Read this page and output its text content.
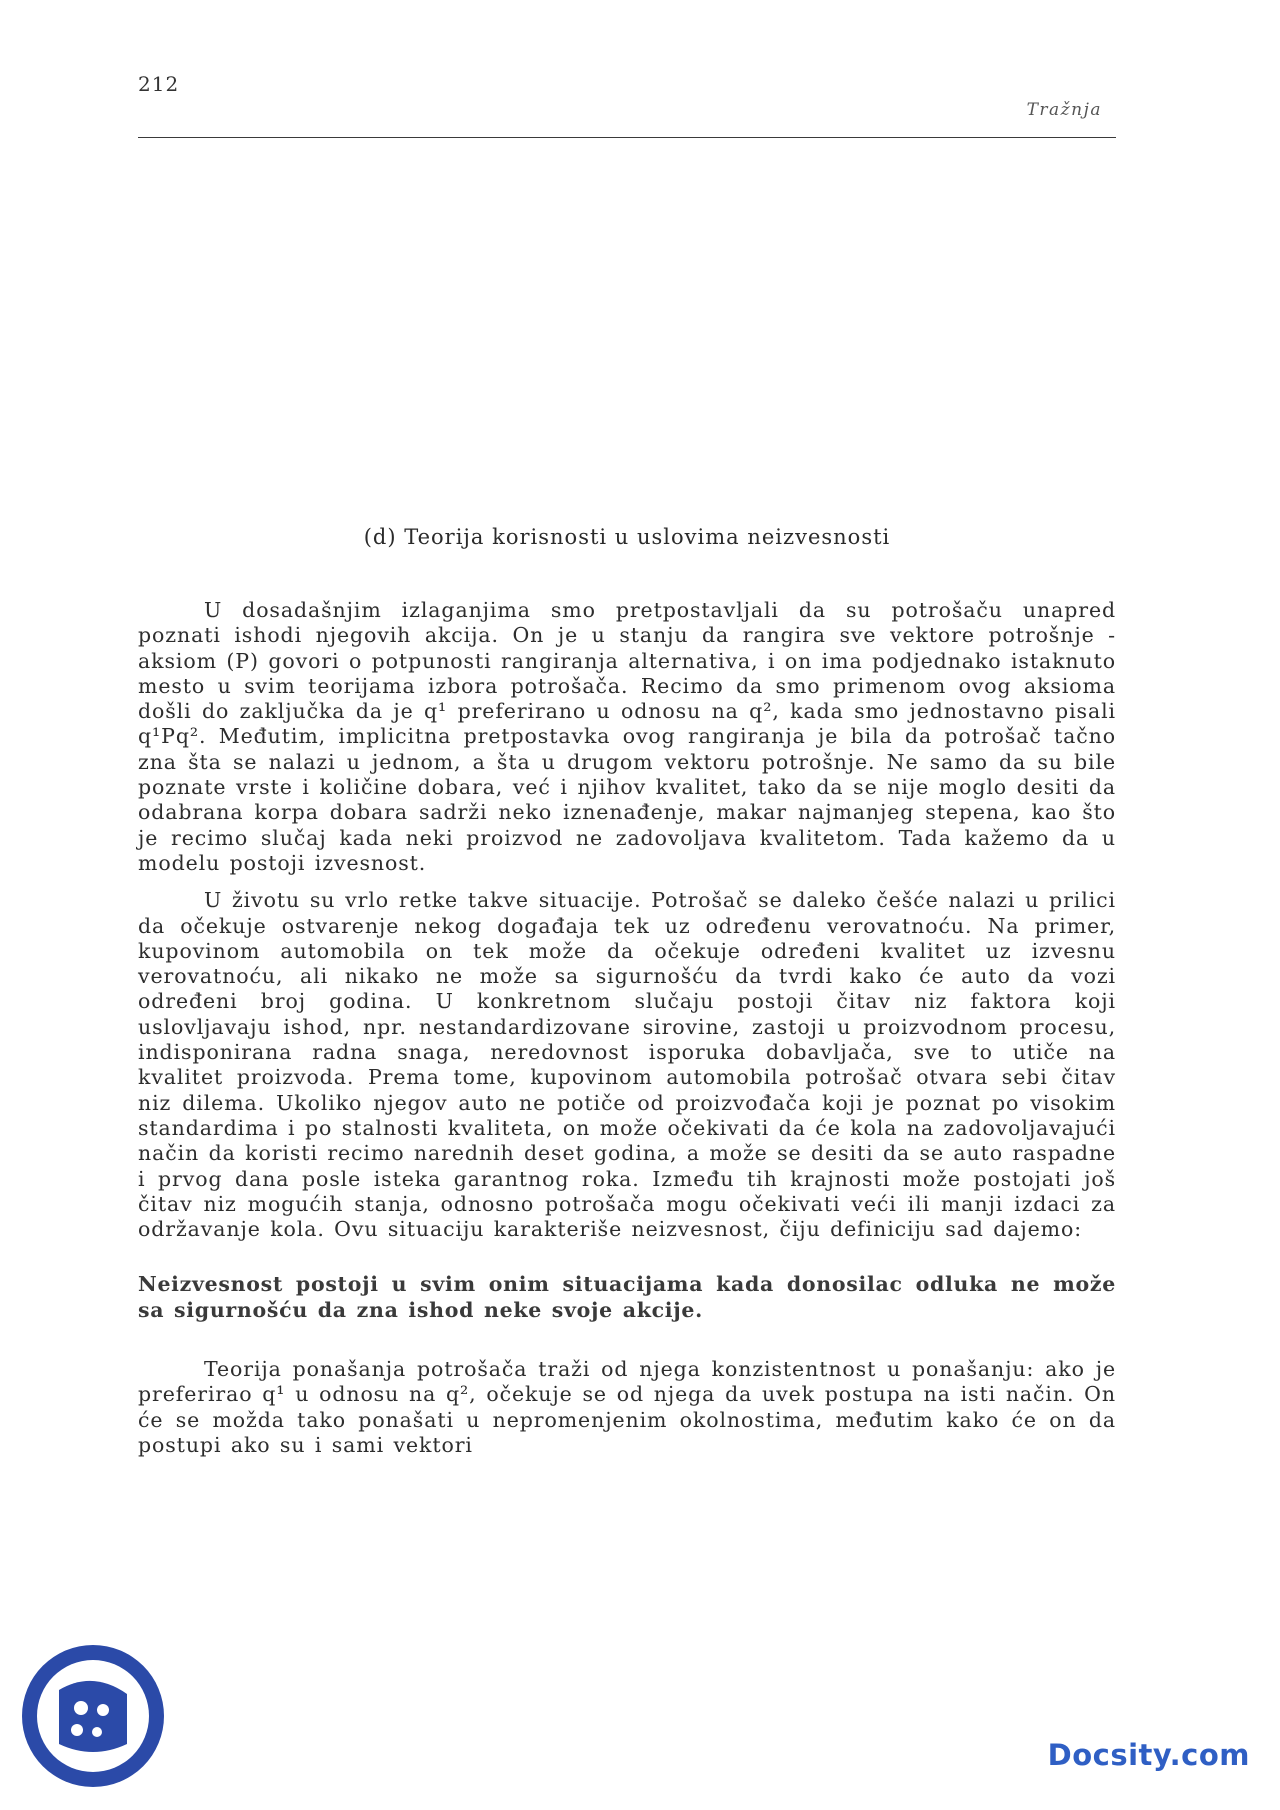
212
Tražnja
(d) Teorija korisnosti u uslovima neizvesnosti

U dosadašnjim izlaganjima smo pretpostavljali da su potrošaču unapred poznati ishodi njegovih akcija. On je u stanju da rangira sve vektore potrošnje - aksiom (P) govori o potpunosti rangiranja alternativa, i on ima podjednako istaknuto mesto u svim teorijama izbora potrošača. Recimo da smo primenom ovog aksioma došli do zaključka da je q¹ preferirano u odnosu na q², kada smo jednostavno pisali q¹Pq². Međutim, implicitna pretpostavka ovog rangiranja je bila da potrošač tačno zna šta se nalazi u jednom, a šta u drugom vektoru potrošnje. Ne samo da su bile poznate vrste i količine dobara, već i njihov kvalitet, tako da se nije moglo desiti da odabrana korpa dobara sadrži neko iznenađenje, makar najmanjeg stepena, kao što je recimo slučaj kada neki proizvod ne zadovoljava kvalitetom. Tada kažemo da u modelu postoji izvesnost.

U životu su vrlo retke takve situacije. Potrošač se daleko češće nalazi u prilici da očekuje ostvarenje nekog događaja tek uz određenu verovatnoću. Na primer, kupovinom automobila on tek može da očekuje određeni kvalitet uz izvesnu verovatnoću, ali nikako ne može sa sigurnošću da tvrdi kako će auto da vozi određeni broj godina. U konkretnom slučaju postoji čitav niz faktora koji uslovljavaju ishod, npr. nestandardizovane sirovine, zastoji u proizvodnom procesu, indisponirana radna snaga, neredovnost isporuka dobavljača, sve to utiče na kvalitet proizvoda. Prema tome, kupovinom automobila potrošač otvara sebi čitav niz dilema. Ukoliko njegov auto ne potiče od proizvođača koji je poznat po visokim standardima i po stalnosti kvaliteta, on može očekivati da će kola na zadovoljavajući način da koristi recimo narednih deset godina, a može se desiti da se auto raspadne i prvog dana posle isteka garantnog roka. Između tih krajnosti može postojati još čitav niz mogućih stanja, odnosno potrošača mogu očekivati veći ili manji izdaci za održavanje kola. Ovu situaciju karakteriše neizvesnost, čiju definiciju sad dajemo:

Neizvesnost postoji u svim onim situacijama kada donosilac odluka ne može sa sigurnošću da zna ishod neke svoje akcije.

Teorija ponašanja potrošača traži od njega konzistentnost u ponašanju: ako je preferirao q¹ u odnosu na q², očekuje se od njega da uvek postupa na isti način. On će se možda tako ponašati u nepromenjenim okolnostima, međutim kako će on da postupi ako su i sami vektori

Docsity.com
